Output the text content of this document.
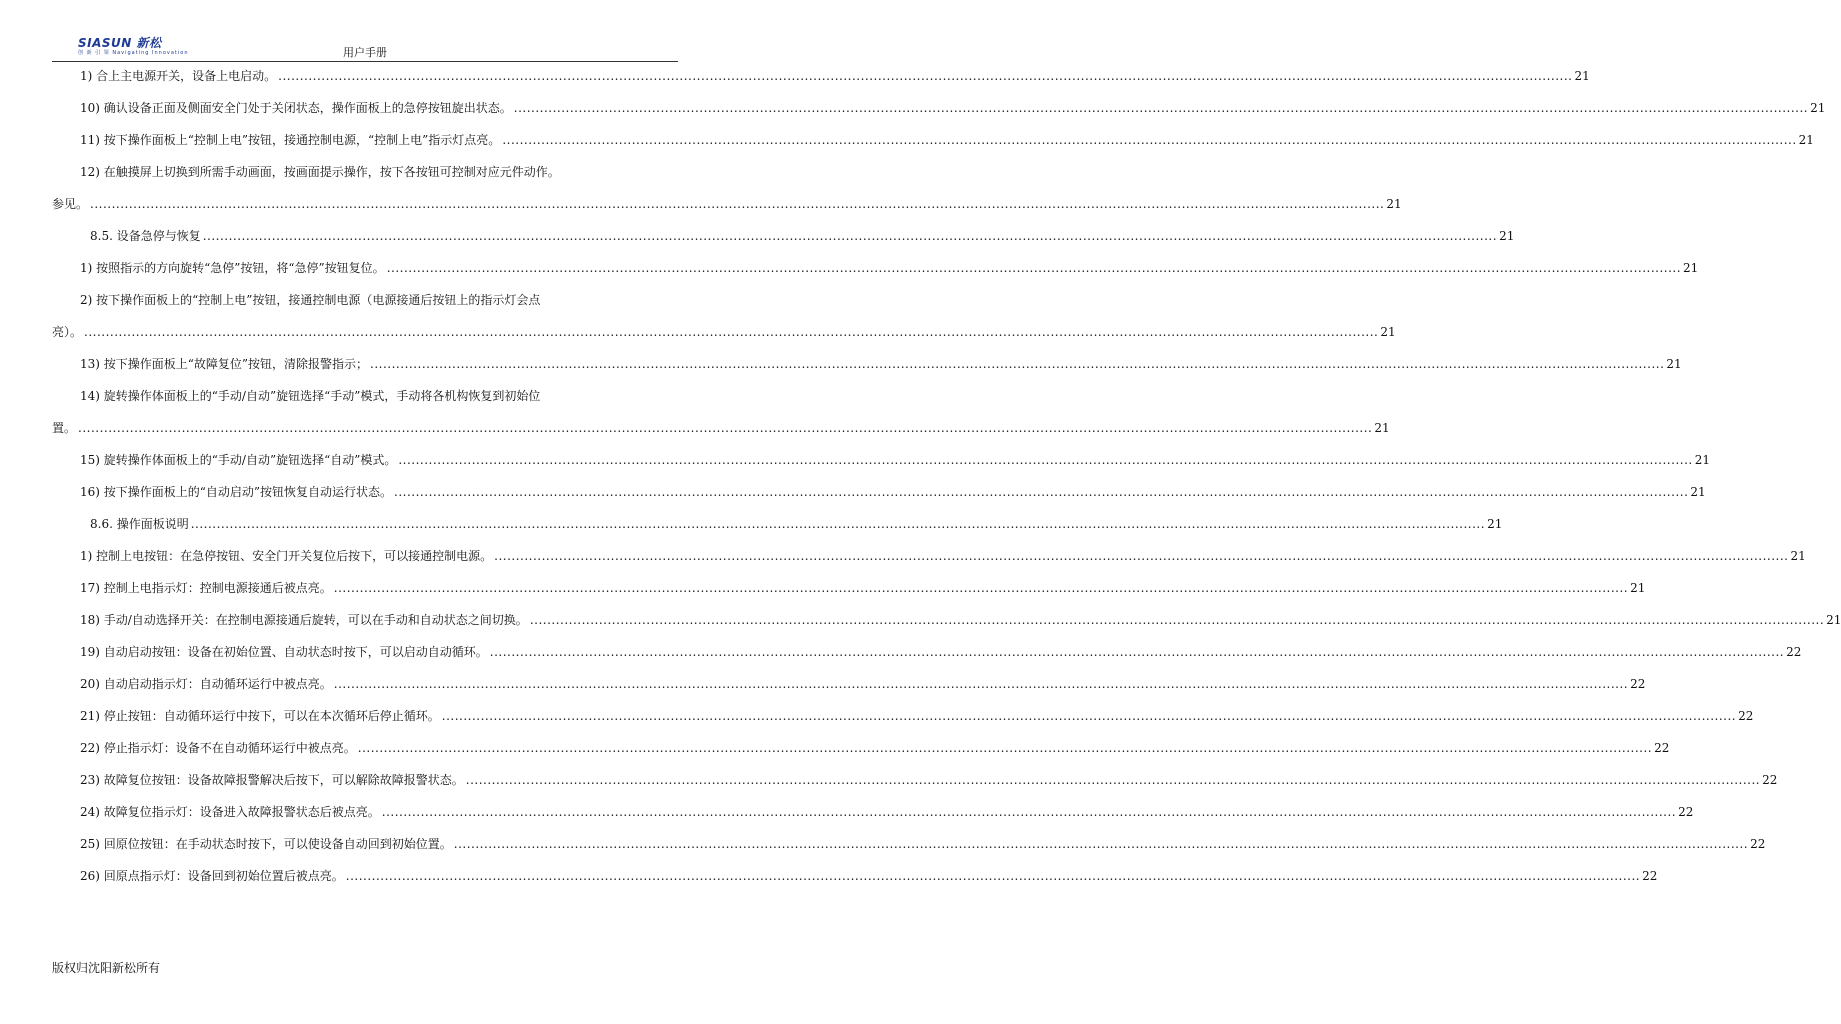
SIASUN 新松
创 新 引 领 Navigating Innovation	用户手册
1) 合上主电源开关，设备上电启动。 ............................................................................................................................................................................................................................................................................................................ 21
10) 确认设备正面及侧面安全门处于关闭状态，操作面板上的急停按钮旋出状态。 ............................................................................................................................................................................................................................................................................................................ 21
11) 按下操作面板上“控制上电”按钮，接通控制电源，“控制上电”指示灯点亮。 ............................................................................................................................................................................................................................................................................................................ 21
12) 在触摸屏上切换到所需手动画面，按画面提示操作，按下各按钮可控制对应元件动作。
参见。 ............................................................................................................................................................................................................................................................................................................ 21
8.5. 设备急停与恢复 ............................................................................................................................................................................................................................................................................................................ 21
1) 按照指示的方向旋转“急停”按钮，将“急停”按钮复位。 ............................................................................................................................................................................................................................................................................................................ 21
2) 按下操作面板上的“控制上电”按钮，接通控制电源（电源接通后按钮上的指示灯会点
亮）。 ............................................................................................................................................................................................................................................................................................................ 21
13) 按下操作面板上“故障复位”按钮，清除报警指示； ............................................................................................................................................................................................................................................................................................................ 21
14) 旋转操作体面板上的“手动/自动”旋钮选择“手动”模式，手动将各机构恢复到初始位
置。 ............................................................................................................................................................................................................................................................................................................ 21
15) 旋转操作体面板上的“手动/自动”旋钮选择“自动”模式。 ............................................................................................................................................................................................................................................................................................................ 21
16) 按下操作面板上的“自动启动”按钮恢复自动运行状态。 ............................................................................................................................................................................................................................................................................................................ 21
8.6. 操作面板说明 ............................................................................................................................................................................................................................................................................................................ 21
1) 控制上电按钮：在急停按钮、安全门开关复位后按下，可以接通控制电源。 ............................................................................................................................................................................................................................................................................................................ 21
17) 控制上电指示灯：控制电源接通后被点亮。 ............................................................................................................................................................................................................................................................................................................ 21
18) 手动/自动选择开关：在控制电源接通后旋转，可以在手动和自动状态之间切换。 ............................................................................................................................................................................................................................................................................................................ 21
19) 自动启动按钮：设备在初始位置、自动状态时按下，可以启动自动循环。 ............................................................................................................................................................................................................................................................................................................ 22
20) 自动启动指示灯：自动循环运行中被点亮。 ............................................................................................................................................................................................................................................................................................................ 22
21) 停止按钮：自动循环运行中按下，可以在本次循环后停止循环。 ............................................................................................................................................................................................................................................................................................................ 22
22) 停止指示灯：设备不在自动循环运行中被点亮。 ............................................................................................................................................................................................................................................................................................................ 22
23) 故障复位按钮：设备故障报警解决后按下，可以解除故障报警状态。 ............................................................................................................................................................................................................................................................................................................ 22
24) 故障复位指示灯：设备进入故障报警状态后被点亮。 ............................................................................................................................................................................................................................................................................................................ 22
25) 回原位按钮：在手动状态时按下，可以使设备自动回到初始位置。 ............................................................................................................................................................................................................................................................................................................ 22
26) 回原点指示灯：设备回到初始位置后被点亮。 ............................................................................................................................................................................................................................................................................................................ 22
版权归沈阳新松所有
